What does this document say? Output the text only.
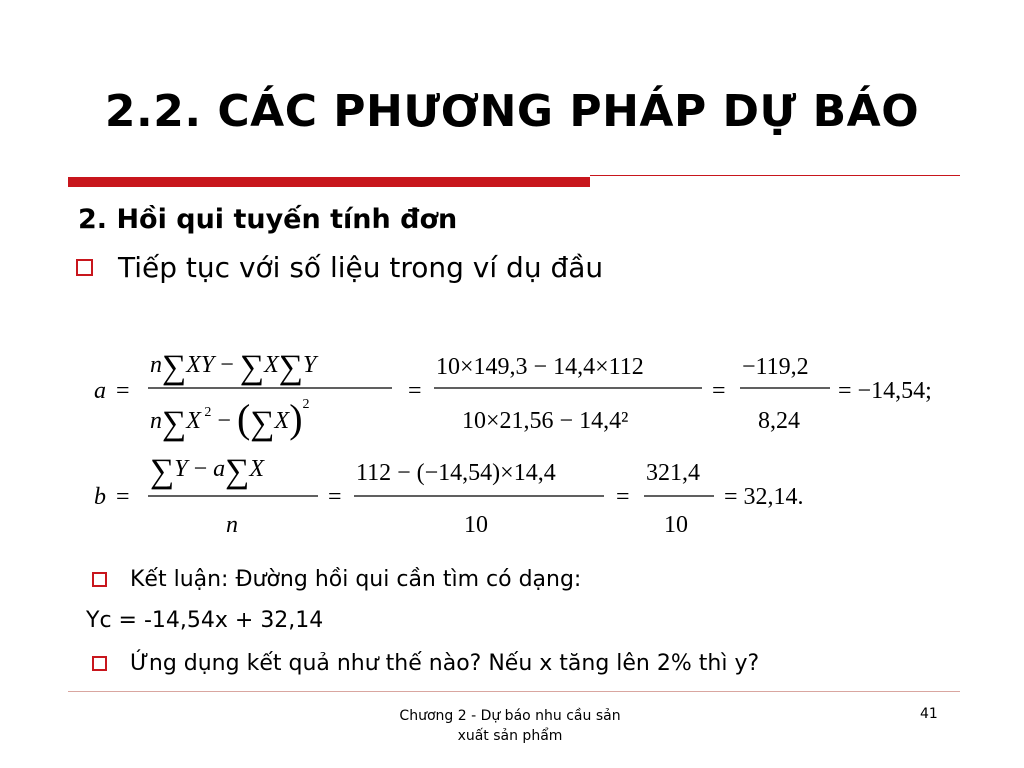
2.2. CÁC PHƯƠNG PHÁP DỰ BÁO
2. Hồi qui tuyến tính đơn
Tiếp tục với số liệu trong ví dụ đầu
a =
n∑XY − ∑X∑Y
n∑X $^2 - (\sum X)^2$
=
10×149,3 − 14,4×112
10×21,56 − 14,4²
=
−119,2
8,24
= −14,54;
b =
∑Y − a∑X
n
=
112 − (−14,54)×14,4
10
=
321,4
10
= 32,14.
Kết luận: Đường hồi qui cần tìm có dạng:
Yc = -14,54x + 32,14
Ứng dụng kết quả như thế nào? Nếu x tăng lên 2% thì y?
Chương 2 - Dự báo nhu cầu sản
xuất sản phẩm
41
